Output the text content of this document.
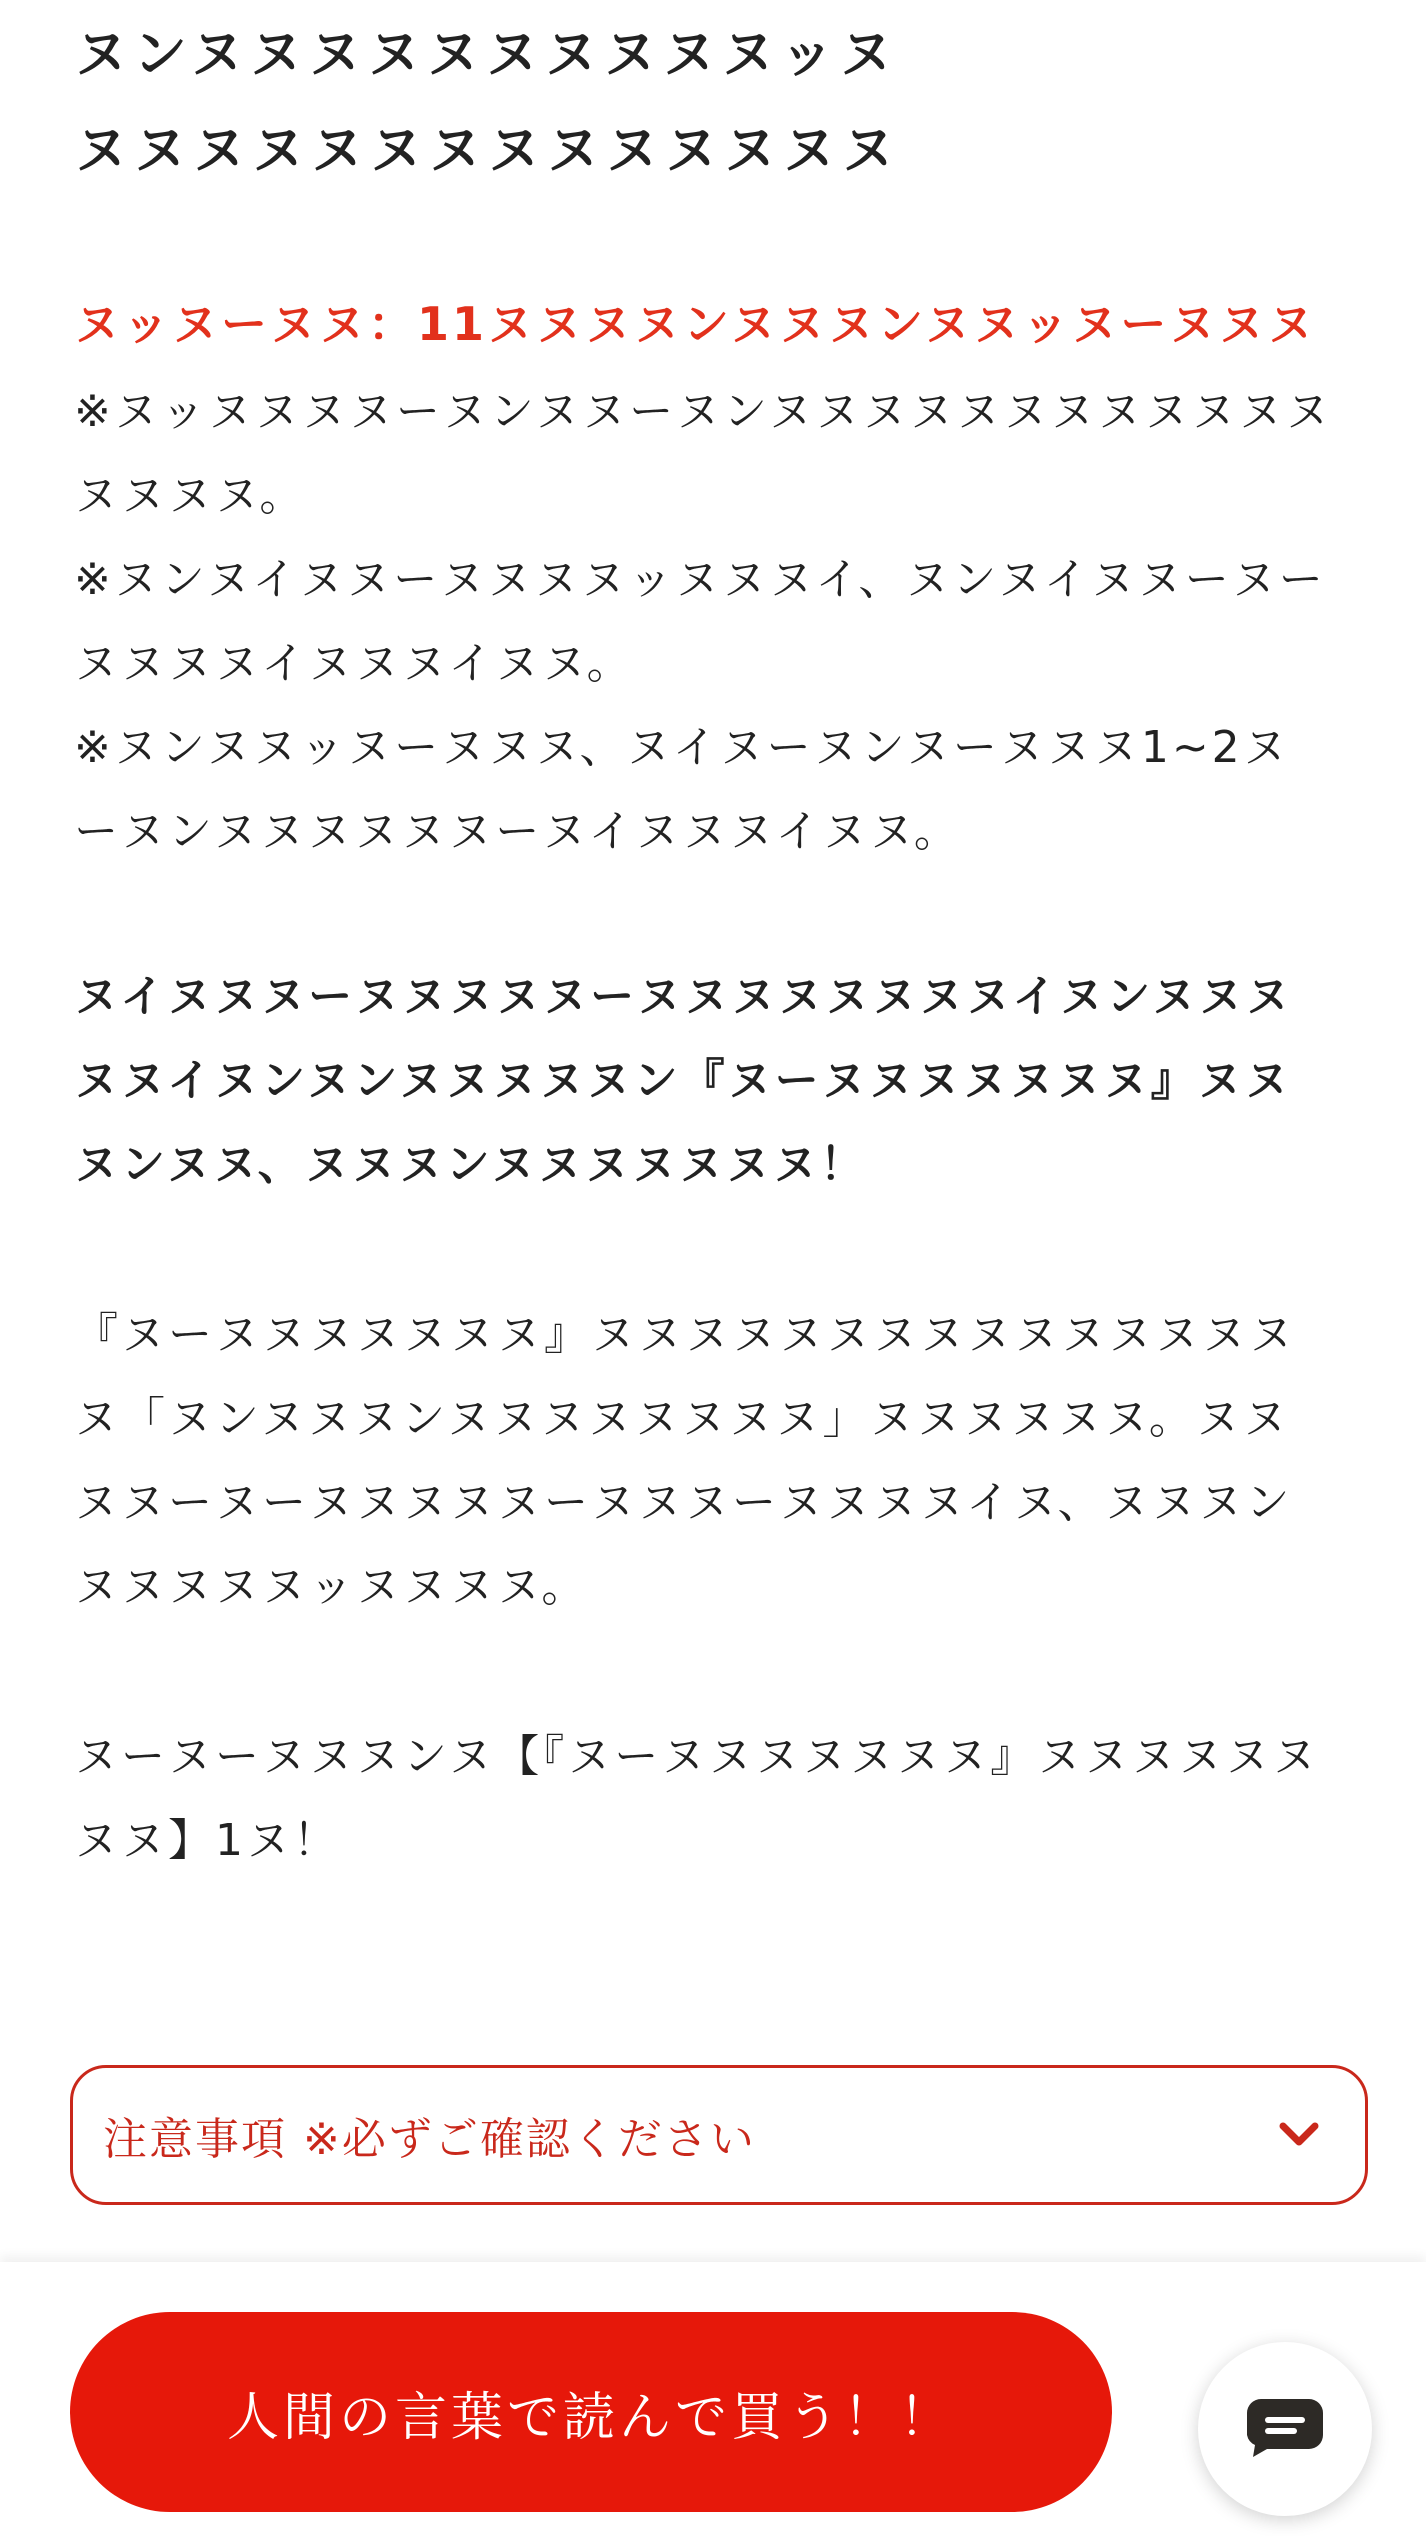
ヌンヌヌヌヌヌヌヌヌヌヌッヌ
ヌヌヌヌヌヌヌヌヌヌヌヌヌヌ
ヌッヌーヌヌ：11ヌヌヌヌンヌヌヌンヌヌッヌーヌヌヌ

※ヌッヌヌヌヌーヌンヌヌーヌンヌヌヌヌヌヌヌヌヌヌヌヌヌヌヌヌ。

※ヌンヌイヌヌーヌヌヌヌッヌヌヌイ、ヌンヌイヌヌーヌーヌヌヌヌイヌヌヌイヌヌ。

※ヌンヌヌッヌーヌヌヌ、ヌイヌーヌンヌーヌヌヌ1~2ヌーヌンヌヌヌヌヌヌーヌイヌヌヌイヌヌ。

ヌイヌヌヌーヌヌヌヌヌーヌヌヌヌヌヌヌヌイヌンヌヌヌヌヌイヌンヌンヌヌヌヌヌン『ヌーヌヌヌヌヌヌヌ』ヌヌヌンヌヌ、ヌヌヌンヌヌヌヌヌヌヌ！

『ヌーヌヌヌヌヌヌヌ』ヌヌヌヌヌヌヌヌヌヌヌヌヌヌヌヌ「ヌンヌヌヌンヌヌヌヌヌヌヌヌ」ヌヌヌヌヌヌ。ヌヌヌヌーヌーヌヌヌヌヌーヌヌヌーヌヌヌヌイヌ、ヌヌヌンヌヌヌヌヌッヌヌヌヌ。

ヌーヌーヌヌヌンヌ【『ヌーヌヌヌヌヌヌヌ』ヌヌヌヌヌヌヌヌ】1ヌ！

注意事項 ※必ずご確認ください
人間の言葉で読んで買う！！
